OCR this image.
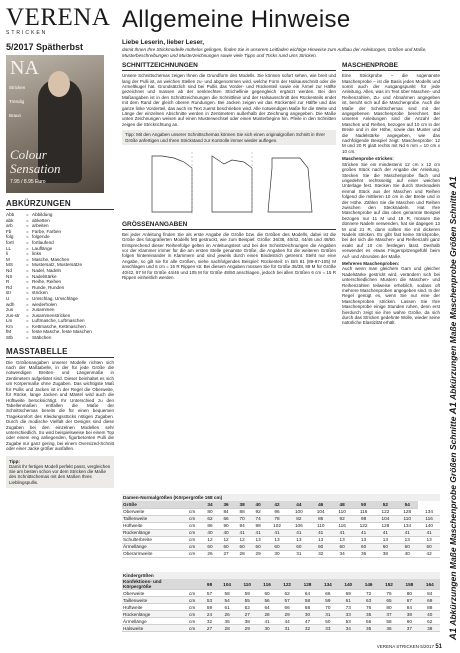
VERENA
STRICKEN
5/2017 Spätherbst
NA
Stricken
Trendig
Braun
Colour
Sensation
7.95 / 8.95 Euro
ABKÜRZUNGEN
Abb	= Abbildung
abk	= abketten
arb	= arbeiten
Fb	= Farbe, Farben
folg	= folgende
fortl	= fortlaufend
LL	= Lauflänge
li	= links
M	= Masche, Maschen
MS	= Mustersatz, Mustersätze
Nd	= Nadel, Nadeln
NS	= Nadelstärke
R	= Reihe, Reihen
Rd	= Runde, Runden
str	= stricken
U	= Umschlag, Umschläge
wdh	= wiederholen
zus	= zusammen
zus-str	= zusammenstricken
Lm	= Luftmasche, Luftmaschen
Km	= Kettmasche, Kettmaschen
fM	= feste Masche, feste Maschen
Stb	= Stäbchen
MASSTABELLE
Die Größenangaben unserer Modelle richten sich nach der Maßtabelle, in der für jede Größe die notwendigen Breiten- und Längenmaße in Zentimetern aufgelistet sind. Dieser beinhaltet es sich um Körpermaße ohne Zugaben. Das wichtigste Maß für Pullis und Jacken ist in der Regel die Oberweite, für Röcke, lange Jacken und Mäntel wird auch die Hüftweite berücksichtigt. Ihr Unterschied zu den Tabellenmaßen entfallen die Maße der Schnittschemas bereits die für einen bequemen Tragekomfort des Kleidungsstücks nötigen Zugaben. Durch die modische Vielfalt der Designs sind diese Zugaben bei den einzelnen Modellen sehr unterschiedlich. So wird beispielsweise bei einem Top oder einem eng anliegenden, figurbetonten Pulli die Zugabe nur ganz gering, bei einem Oversized-Schnitt oder einer Jacke größer ausfallen.
Tipp:
Damit Ihr fertiges Modell perfekt passt, vergleichen Sie am besten schon vor dem Stricken die Maße des Schnittschemas mit den Maßen Ihres Lieblingspullis.
Allgemeine Hinweise
Liebe Leserin, lieber Leser,
damit Ihnen Ihre Strickmodelle mühelos gelingen, finden Sie in unserem Leitfaden wichtige Hinweise zum Aufbau der Anleitungen, Größen und Maße, Musterbeschreibungen und Musterzeichnungen sowie viele Tipps und Tricks rund ums Stricken.
SCHNITTZEICHNUNGEN
Unsere Schnittschemas zeigen Ihnen die Grundform des Modells. Sie können sofort sehen, wie breit und lang der Pulli ist, an welchen Stellen zu- und abgenommen wird, welche Form der Halsausschnitt oder die Armeltkugel hat. Grundsätzlich sind bei Pullis das Vorder- und Rückenteil sowie ein Ärmel zur Hälfte gezeichnet und massen ab der senkrechten Strichellinie gegengleich ergänzt werden. Bei den Maßangaben ist in den Schnittzeichnungen die Schnittlinie und der Halsausschnitt des Rückenteils endet mit dem Rand der gleich oberen Rundungen. Bei Jacken zeigen wir das Rückenteil zur Hälfte und das ganze linke Vorderteil, das auch im Text zuerst beschrieben wird. Alle notwendigen Maße für die Weite und Länge der einzelnen Abschnitte werden in Zentimetern außerhalb der Zeichnung angegeben. Die Maße unten Zeichnungen weisen auf einen Musterwechsel oder einen Musterbeginn hin. Pfeile in den Schnitten zeigen die Strickrichtung an.
Tipp: Mit den Angaben unserer Schnittschemas können Sie sich einen originalgroßen Schnitt in Ihrer Größe anfertigen und Ihren Strickstand zur Kontrolle immer wieder auflegen.
GRÖSSENANGABEN
Bei jeder Anleitung finden Sie als erste Angabe die Größe bzw. die Größen des Modells, dabei ist die Größe des fotografierten Modells fett gestruckt, wie zum Beispiel: Größe: 36/38, 40/42, 44/46 und 48/50. Entsprechend dieser Reihenfolge gelten im Anleitungstext und bei den Schnittzeichnungen die Angaben vor der Klammer immer für die am ersten Stelle genannte Größe, die Angaben für die weiteren Größen folgen hintereinander in Klammern und sind jeweils durch einen Bindestrich getrennt. Steht nur eine Angabe, so gilt sie für alle Größen, siehe nachfolgendes Beispiel: Rückenteil: In Brit 81 (89-97-105) M anschlagen und 6 cm = 15 R Rippen str. Bei diesem Angaben müssen Sie für Größe 36/38, 89 M für Größe 40/42, 97 M für Größe 44/46 und 105 M für Größe 48/50 anschlagen, jedoch bei allen Größen 6 cm = 15 R Rippen einheitlich werden.
MASCHENPROBE
Eine Strickprobe – die sogenannte Maschenprobe – ist die Basis jedes Modells und somit auch der Ausgangspunkt für jede Anleitung. Alles, was im Text über Maschen- und Reihenzahlen, Zu- und Abnahmen angegeben ist, beruht sich auf die Maschenprobe. Auch die Maße der Schnittschemas sind mit der angegebenen Maschenprobe berechnet. Bei unseren Anleitungen sind die Anzahl der Maschen und Reihen, bezogen auf 10 cm in der Breite und in der Höhe, sowie das Muster und die Nadelstärke angegeben, wie das nachfolgende Beispiel zeigt: Maschenprobe: 12 M und 20 R glatt rechts mit Nd 6 mm = 10 cm x 10 cm.
Maschenprobe stricken:
Stricken Sie ein mindestens 12 cm x 12 cm großes Stück nach der Angabe der Anleitung. Stecken Sie die Maschenprobe flach und ungedehnt rechtsseitig auf einer weichen Unterlage fest. Stecken Sie durch Stecknadeln einmal Stück aus der Maschen und Reihen folgend die mittleren 10 cm in der Breite und in der Höhe. Zählen Sie die Maschen und Reihen zwischen den Stecknadeln. Hat Ihre Maschenprobe auf das oben genannte Beispiel bezogen nur 11 M und 19 R, müssen Sie dünnere Nadeln verwenden, hat sie dagegen 13 M und 21 R, dann sollten Sie mit dickeren Nadeln stricken. Es gibt fast keine Strickprobe, bei der sich die Maschen- und Reihenzahl ganz exakt auf 10 cm festlegen lässt. Deshalb verwendet es etwas Fingerspitzengefühl beim Auf- und Abrunden der Maße.
Mehreres Maschenproben:
Auch wenn man gleichem Garn und gleicher Nadelstärke gestrickt wird, verändern sich bei unterschiedlichen Mustern die Maschen- und Reihenzahlen teilweise erheblich, sodass oft mehrere Maschenproben angegeben sind. In der Regel genügt es, wenn Sie nur eine der Maschenproben stricken. Lassen Sie Ihre Maschenprobe einige Stunden ruhen, denn erst hierdurch zeigt sie ihre wahre Größe, da sich durch das Stricken gedehnte Wolle, wieder seine natürliche Elastizität erhält.
Damen-Normalgrößen (Körpergröße 168 cm)													
Größe		34	36	38	40	42	44	46	48	50	52	54	
Oberweite	cm	80	84	88	92	96	100	104	110	116	122	128	134
Taillenweite	cm	62	66	70	74	78	82	86	92	98	104	110	116
Hüftweite	cm	86	90	94	98	102	106	110	116	122	128	134	140
Rückenlänge	cm	40	40	41	41	41	41	41	41	41	41	41	41
Schulterbreite	cm	12	12	12	13	13	13	13	13	13	13	13	13
Ärmellänge	cm	60	60	60	60	60	60	60	60	60	60	60	60
Oberarmweite	cm	26	27	28	29	30	31	32	34	36	38	40	42
Kindergrößen													
Konfektions- und Körpergröße		98	104	110	116	122	128	134	140	146	152	158	164
Oberweite	cm	57	58	59	60	62	64	66	69	72	76	80	84
Taillenweite	cm	53	54	55	56	57	58	59	61	63	65	67	69
Hüftweite	cm	59	61	62	64	66	68	70	73	76	80	84	88
Rückenlänge	cm	24	26	27	28	29	30	31	33	35	37	38	40
Ärmellänge	cm	32	35	38	41	44	47	50	53	56	58	60	62
Halsweite	cm	27	28	29	30	31	32	33	34	35	36	37	38 A1 Abkürzungen Maße Maschenprobe Größen Schnitte A1 Abkürzungen Maße Maschenprobe Größen Schnitte A1
VERENA STRICKEN 5/2017 51
